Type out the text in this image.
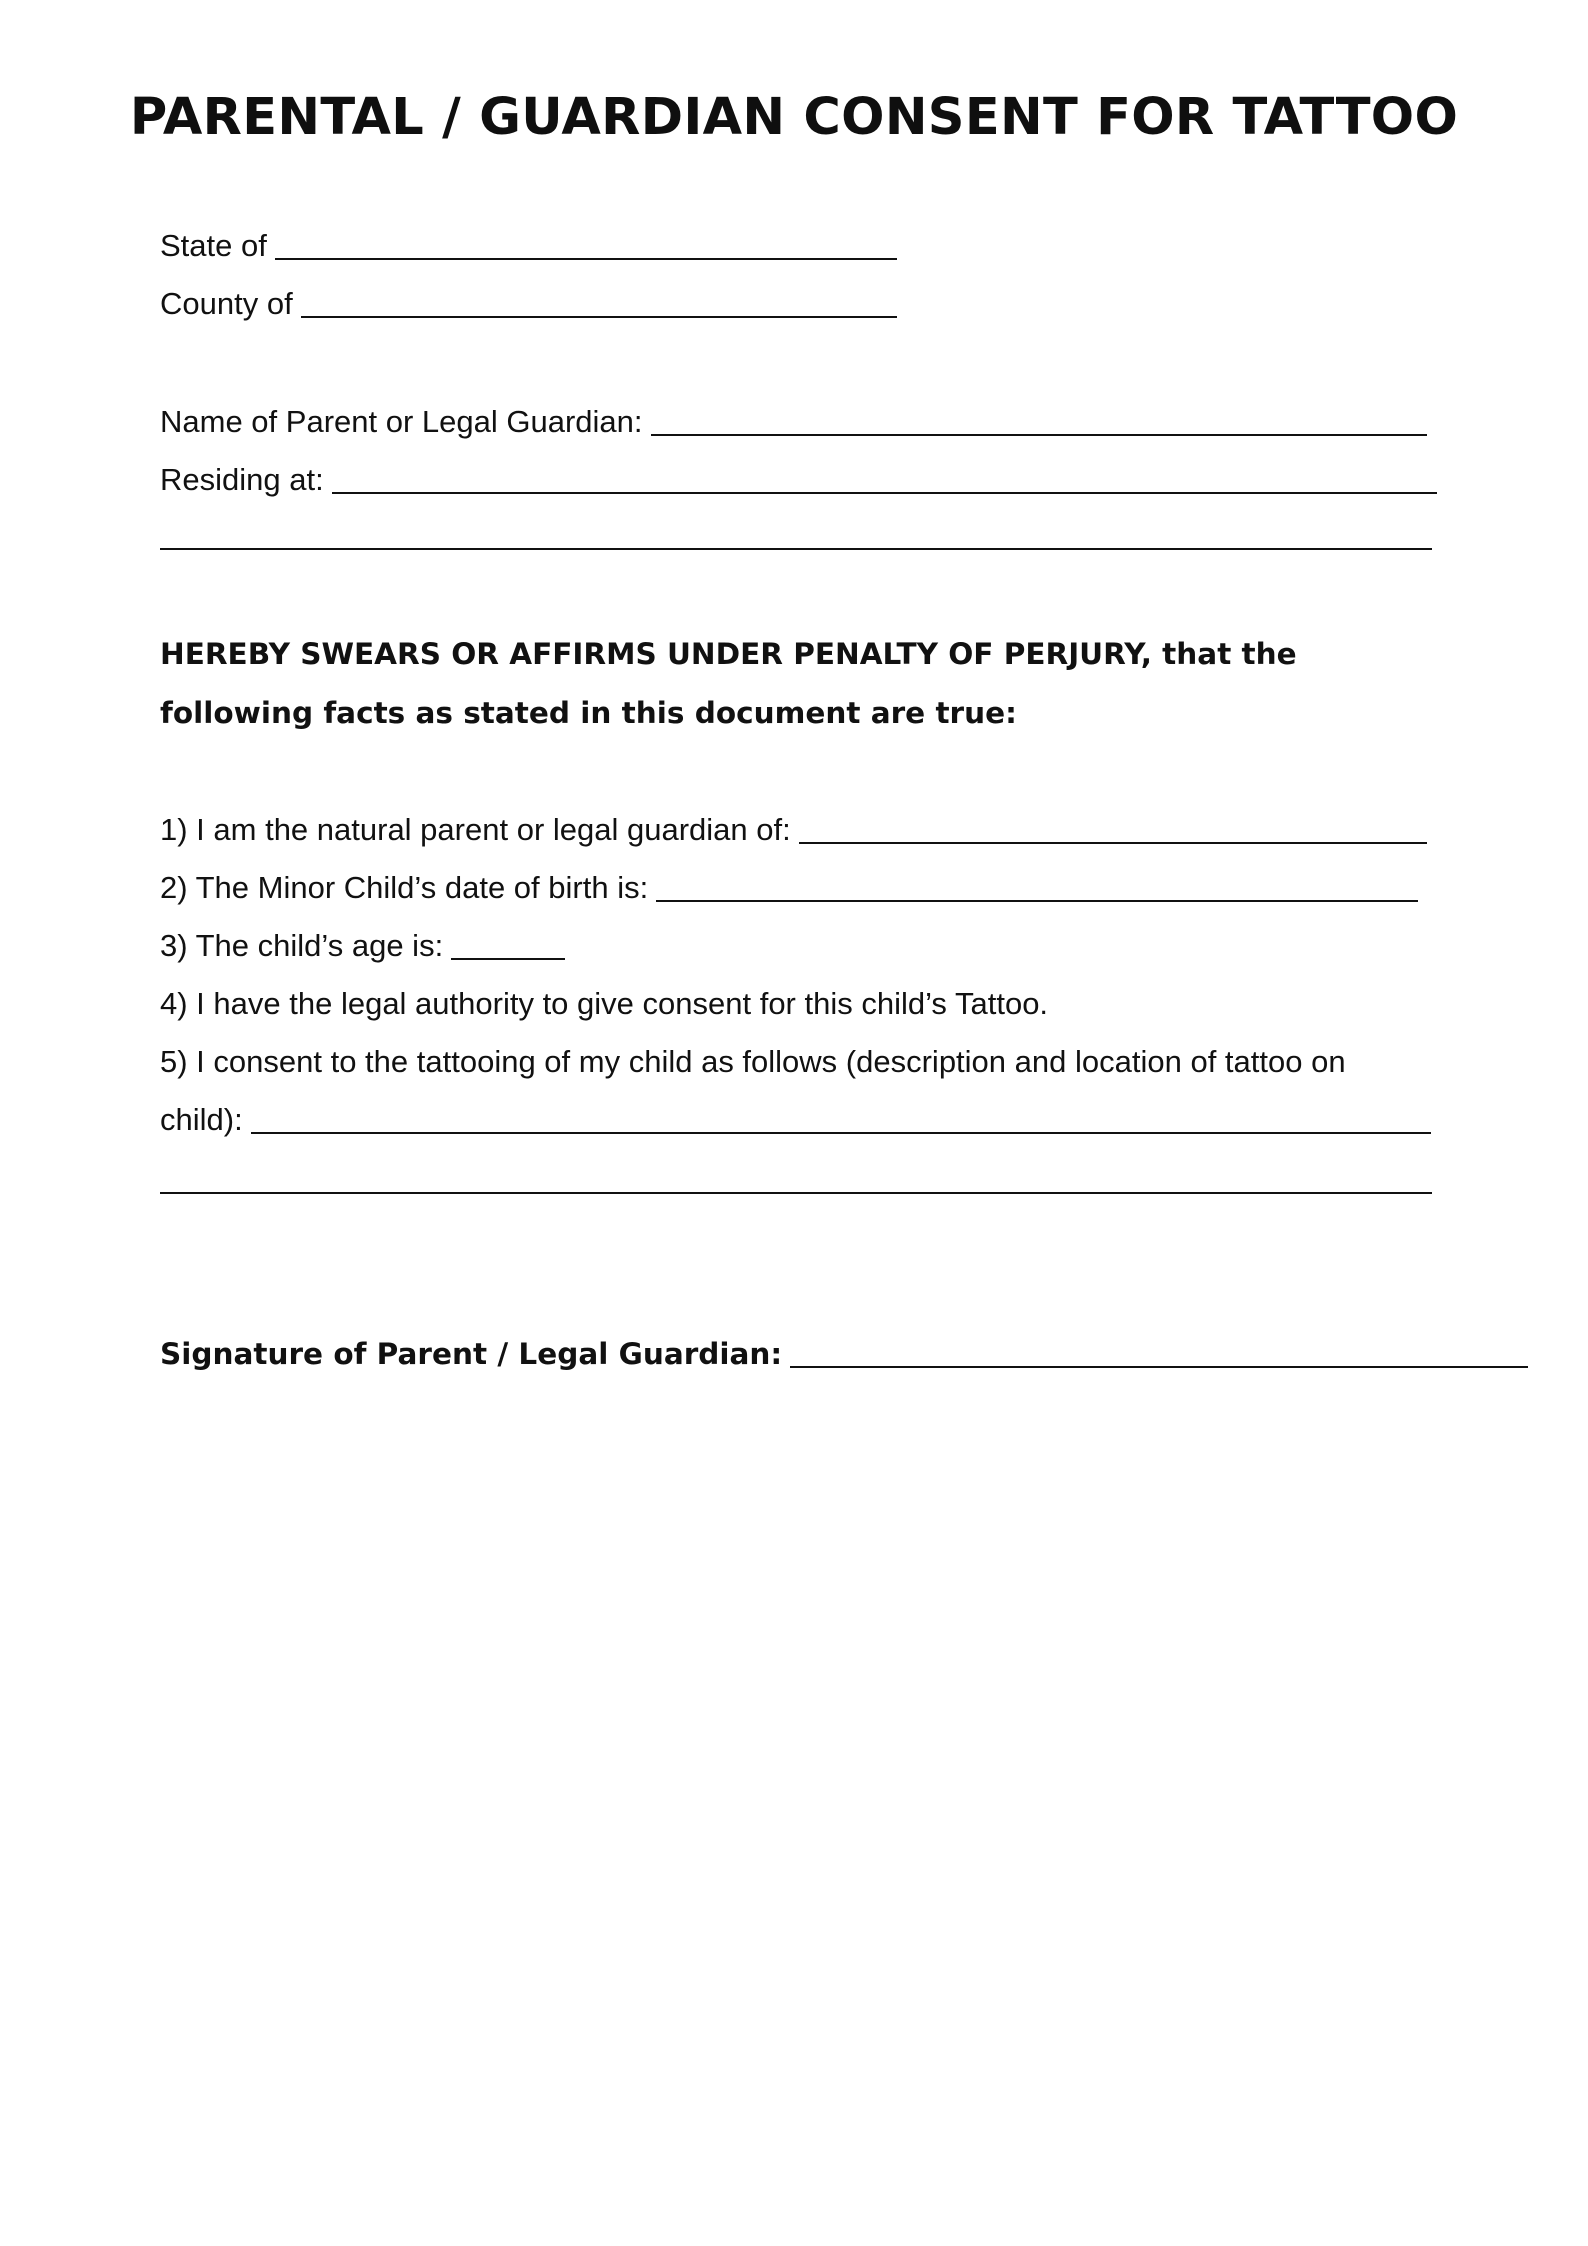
PARENTAL / GUARDIAN CONSENT FOR TATTOO
State of
County of
Name of Parent or Legal Guardian:
Residing at:
HEREBY SWEARS OR AFFIRMS UNDER PENALTY OF PERJURY, that the following facts as stated in this document are true:
1) I am the natural parent or legal guardian of:
2) The Minor Child’s date of birth is:
3) The child’s age is:
4) I have the legal authority to give consent for this child’s Tattoo.
5) I consent to the tattooing of my child as follows (description and location of tattoo on
child):
Signature of Parent / Legal Guardian:
